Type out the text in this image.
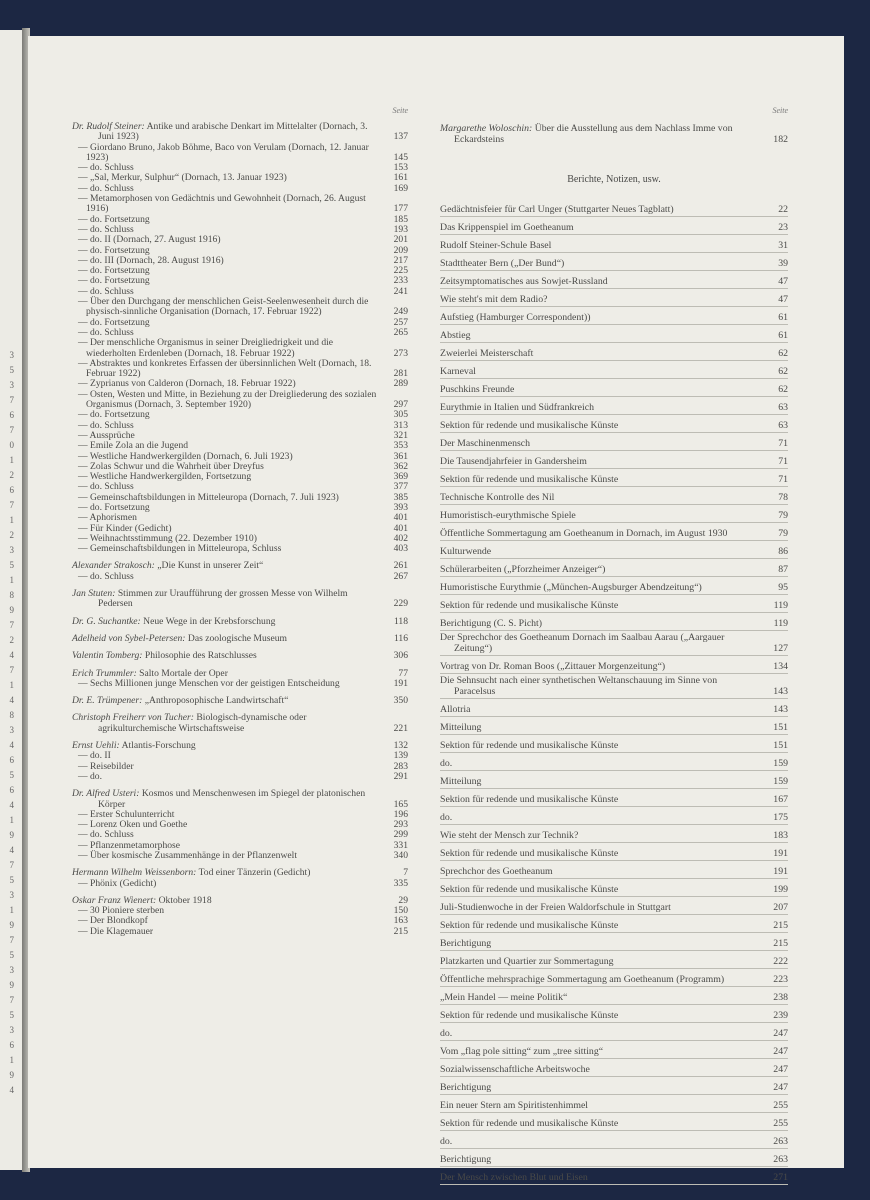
3
5
3
7
6
7
0
1
2
6
7
1
2
3
5
1
8
9
7
2
4
7
1
4
8
3
4
6
5
6
4
1
9
4
7
5
3
1
9
7
5
3
9
7
5
3
6
1
9
4
Seite
Dr. Rudolf Steiner: Antike und arabische Denkart im Mittelalter (Dornach, 3. Juni 1923)	137
— Giordano Bruno, Jakob Böhme, Baco von Verulam (Dornach, 12. Januar 1923)	145
— do. Schluss	153
— „Sal, Merkur, Sulphur“ (Dornach, 13. Januar 1923)	161
— do. Schluss	169
— Metamorphosen von Gedächtnis und Gewohnheit (Dornach, 26. August 1916)	177
— do. Fortsetzung	185
— do. Schluss	193
— do. II (Dornach, 27. August 1916)	201
— do. Fortsetzung	209
— do. III (Dornach, 28. August 1916)	217
— do. Fortsetzung	225
— do. Fortsetzung	233
— do. Schluss	241
— Über den Durchgang der menschlichen Geist-Seelenwesenheit durch die physisch-sinnliche Organisation (Dornach, 17. Februar 1922)	249
— do. Fortsetzung	257
— do. Schluss	265
— Der menschliche Organismus in seiner Dreigliedrigkeit und die wiederholten Erdenleben (Dornach, 18. Februar 1922)	273
— Abstraktes und konkretes Erfassen der übersinnlichen Welt (Dornach, 18. Februar 1922)	281
— Zyprianus von Calderon (Dornach, 18. Februar 1922)	289
— Osten, Westen und Mitte, in Beziehung zu der Dreigliederung des sozialen Organismus (Dornach, 3. September 1920)	297
— do. Fortsetzung	305
— do. Schluss	313
— Aussprüche	321
— Emile Zola an die Jugend	353
— Westliche Handwerkergilden (Dornach, 6. Juli 1923)	361
— Zolas Schwur und die Wahrheit über Dreyfus	362
— Westliche Handwerkergilden, Fortsetzung	369
— do. Schluss	377
— Gemeinschaftsbildungen in Mitteleuropa (Dornach, 7. Juli 1923)	385
— do. Fortsetzung	393
— Aphorismen	401
— Für Kinder (Gedicht)	401
— Weihnachtsstimmung (22. Dezember 1910)	402
— Gemeinschaftsbildungen in Mitteleuropa, Schluss	403
Alexander Strakosch: „Die Kunst in unserer Zeit“	261
— do. Schluss	267
Jan Stuten: Stimmen zur Uraufführung der grossen Messe von Wilhelm Pedersen	229
Dr. G. Suchantke: Neue Wege in der Krebsforschung	118
Adelheid von Sybel-Petersen: Das zoologische Museum	116
Valentin Tomberg: Philosophie des Ratschlusses	306
Erich Trummler: Salto Mortale der Oper	77
— Sechs Millionen junge Menschen vor der geistigen Entscheidung	191
Dr. E. Trümpener: „Anthroposophische Landwirtschaft“	350
Christoph Freiherr von Tucher: Biologisch-dynamische oder agrikulturchemische Wirtschaftsweise	221
Ernst Uehli: Atlantis-Forschung	132
— do. II	139
— Reisebilder	283
— do.	291
Dr. Alfred Usteri: Kosmos und Menschenwesen im Spiegel der platonischen Körper	165
— Erster Schulunterricht	196
— Lorenz Oken und Goethe	293
— do. Schluss	299
— Pflanzenmetamorphose	331
— Über kosmische Zusammenhänge in der Pflanzenwelt	340
Hermann Wilhelm Weissenborn: Tod einer Tänzerin (Gedicht)	7
— Phönix (Gedicht)	335
Oskar Franz Wienert: Oktober 1918	29
— 30 Pioniere sterben	150
— Der Blondkopf	163
— Die Klagemauer	215
Seite
Margarethe Woloschin: Über die Ausstellung aus dem Nachlass Imme von Eckardsteins	182
Berichte, Notizen, usw.
Gedächtnisfeier für Carl Unger (Stuttgarter Neues Tagblatt)	22
Das Krippenspiel im Goetheanum	23
Rudolf Steiner-Schule Basel	31
Stadttheater Bern („Der Bund“)	39
Zeitsymptomatisches aus Sowjet-Russland	47
Wie steht's mit dem Radio?	47
Aufstieg (Hamburger Correspondent))	61
Abstieg	61
Zweierlei Meisterschaft	62
Karneval	62
Puschkins Freunde	62
Eurythmie in Italien und Südfrankreich	63
Sektion für redende und musikalische Künste	63
Der Maschinenmensch	71
Die Tausendjahrfeier in Gandersheim	71
Sektion für redende und musikalische Künste	71
Technische Kontrolle des Nil	78
Humoristisch-eurythmische Spiele	79
Öffentliche Sommertagung am Goetheanum in Dornach, im August 1930	79
Kulturwende	86
Schülerarbeiten („Pforzheimer Anzeiger“)	87
Humoristische Eurythmie („München-Augsburger Abendzeitung“)	95
Sektion für redende und musikalische Künste	119
Berichtigung (C. S. Picht)	119
Der Sprechchor des Goetheanum Dornach im Saalbau Aarau („Aargauer Zeitung“)	127
Vortrag von Dr. Roman Boos („Zittauer Morgenzeitung“)	134
Die Sehnsucht nach einer synthetischen Weltanschauung im Sinne von Paracelsus	143
Allotria	143
Mitteilung	151
Sektion für redende und musikalische Künste	151
do.	159
Mitteilung	159
Sektion für redende und musikalische Künste	167
do.	175
Wie steht der Mensch zur Technik?	183
Sektion für redende und musikalische Künste	191
Sprechchor des Goetheanum	191
Sektion für redende und musikalische Künste	199
Juli-Studienwoche in der Freien Waldorfschule in Stuttgart	207
Sektion für redende und musikalische Künste	215
Berichtigung	215
Platzkarten und Quartier zur Sommertagung	222
Öffentliche mehrsprachige Sommertagung am Goetheanum (Programm)	223
„Mein Handel — meine Politik“	238
Sektion für redende und musikalische Künste	239
do.	247
Vom „flag pole sitting“ zum „tree sitting“	247
Sozialwissenschaftliche Arbeitswoche	247
Berichtigung	247
Ein neuer Stern am Spiritistenhimmel	255
Sektion für redende und musikalische Künste	255
do.	263
Berichtigung	263
Der Mensch zwischen Blut und Eisen	271
